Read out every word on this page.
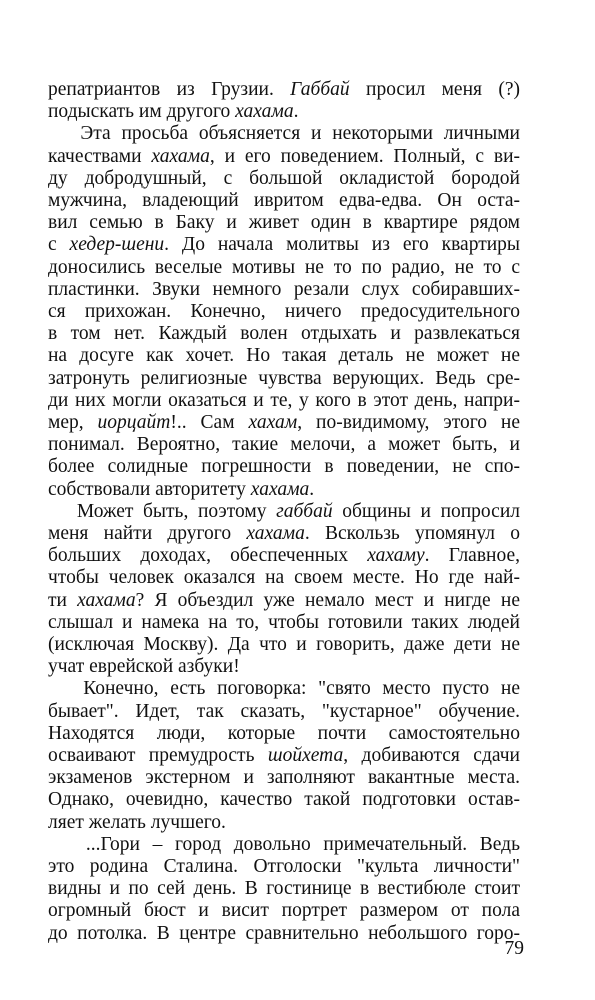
репатриантов из Грузии. Габбай просил меня (?)
подыскать им другого хахама.
Эта просьба объясняется и некоторыми личными
качествами хахама, и его поведением. Полный, с ви-
ду добродушный, с большой окладистой бородой
мужчина, владеющий ивритом едва-едва. Он оста-
вил семью в Баку и живет один в квартире рядом
с хедер-шени. До начала молитвы из его квартиры
доносились веселые мотивы не то по радио, не то с
пластинки. Звуки немного резали слух собиравших-
ся прихожан. Конечно, ничего предосудительного
в том нет. Каждый волен отдыхать и развлекаться
на досуге как хочет. Но такая деталь не может не
затронуть религиозные чувства верующих. Ведь сре-
ди них могли оказаться и те, у кого в этот день, напри-
мер, иорцайт!.. Сам хахам, по-видимому, этого не
понимал. Вероятно, такие мелочи, а может быть, и
более солидные погрешности в поведении, не спо-
собствовали авторитету хахама.
Может быть, поэтому габбай общины и попросил
меня найти другого хахама. Вскользь упомянул о
больших доходах, обеспеченных хахаму. Главное,
чтобы человек оказался на своем месте. Но где най-
ти хахама? Я объездил уже немало мест и нигде не
слышал и намека на то, чтобы готовили таких людей
(исключая Москву). Да что и говорить, даже дети не
учат еврейской азбуки!
Конечно, есть поговорка: "свято место пусто не
бывает". Идет, так сказать, "кустарное" обучение.
Находятся люди, которые почти самостоятельно
осваивают премудрость шойхета, добиваются сдачи
экзаменов экстерном и заполняют вакантные места.
Однако, очевидно, качество такой подготовки остав-
ляет желать лучшего.
...Гори – город довольно примечательный. Ведь
это родина Сталина. Отголоски "культа личности"
видны и по сей день. В гостинице в вестибюле стоит
огромный бюст и висит портрет размером от пола
до потолка. В центре сравнительно небольшого горо-
79
